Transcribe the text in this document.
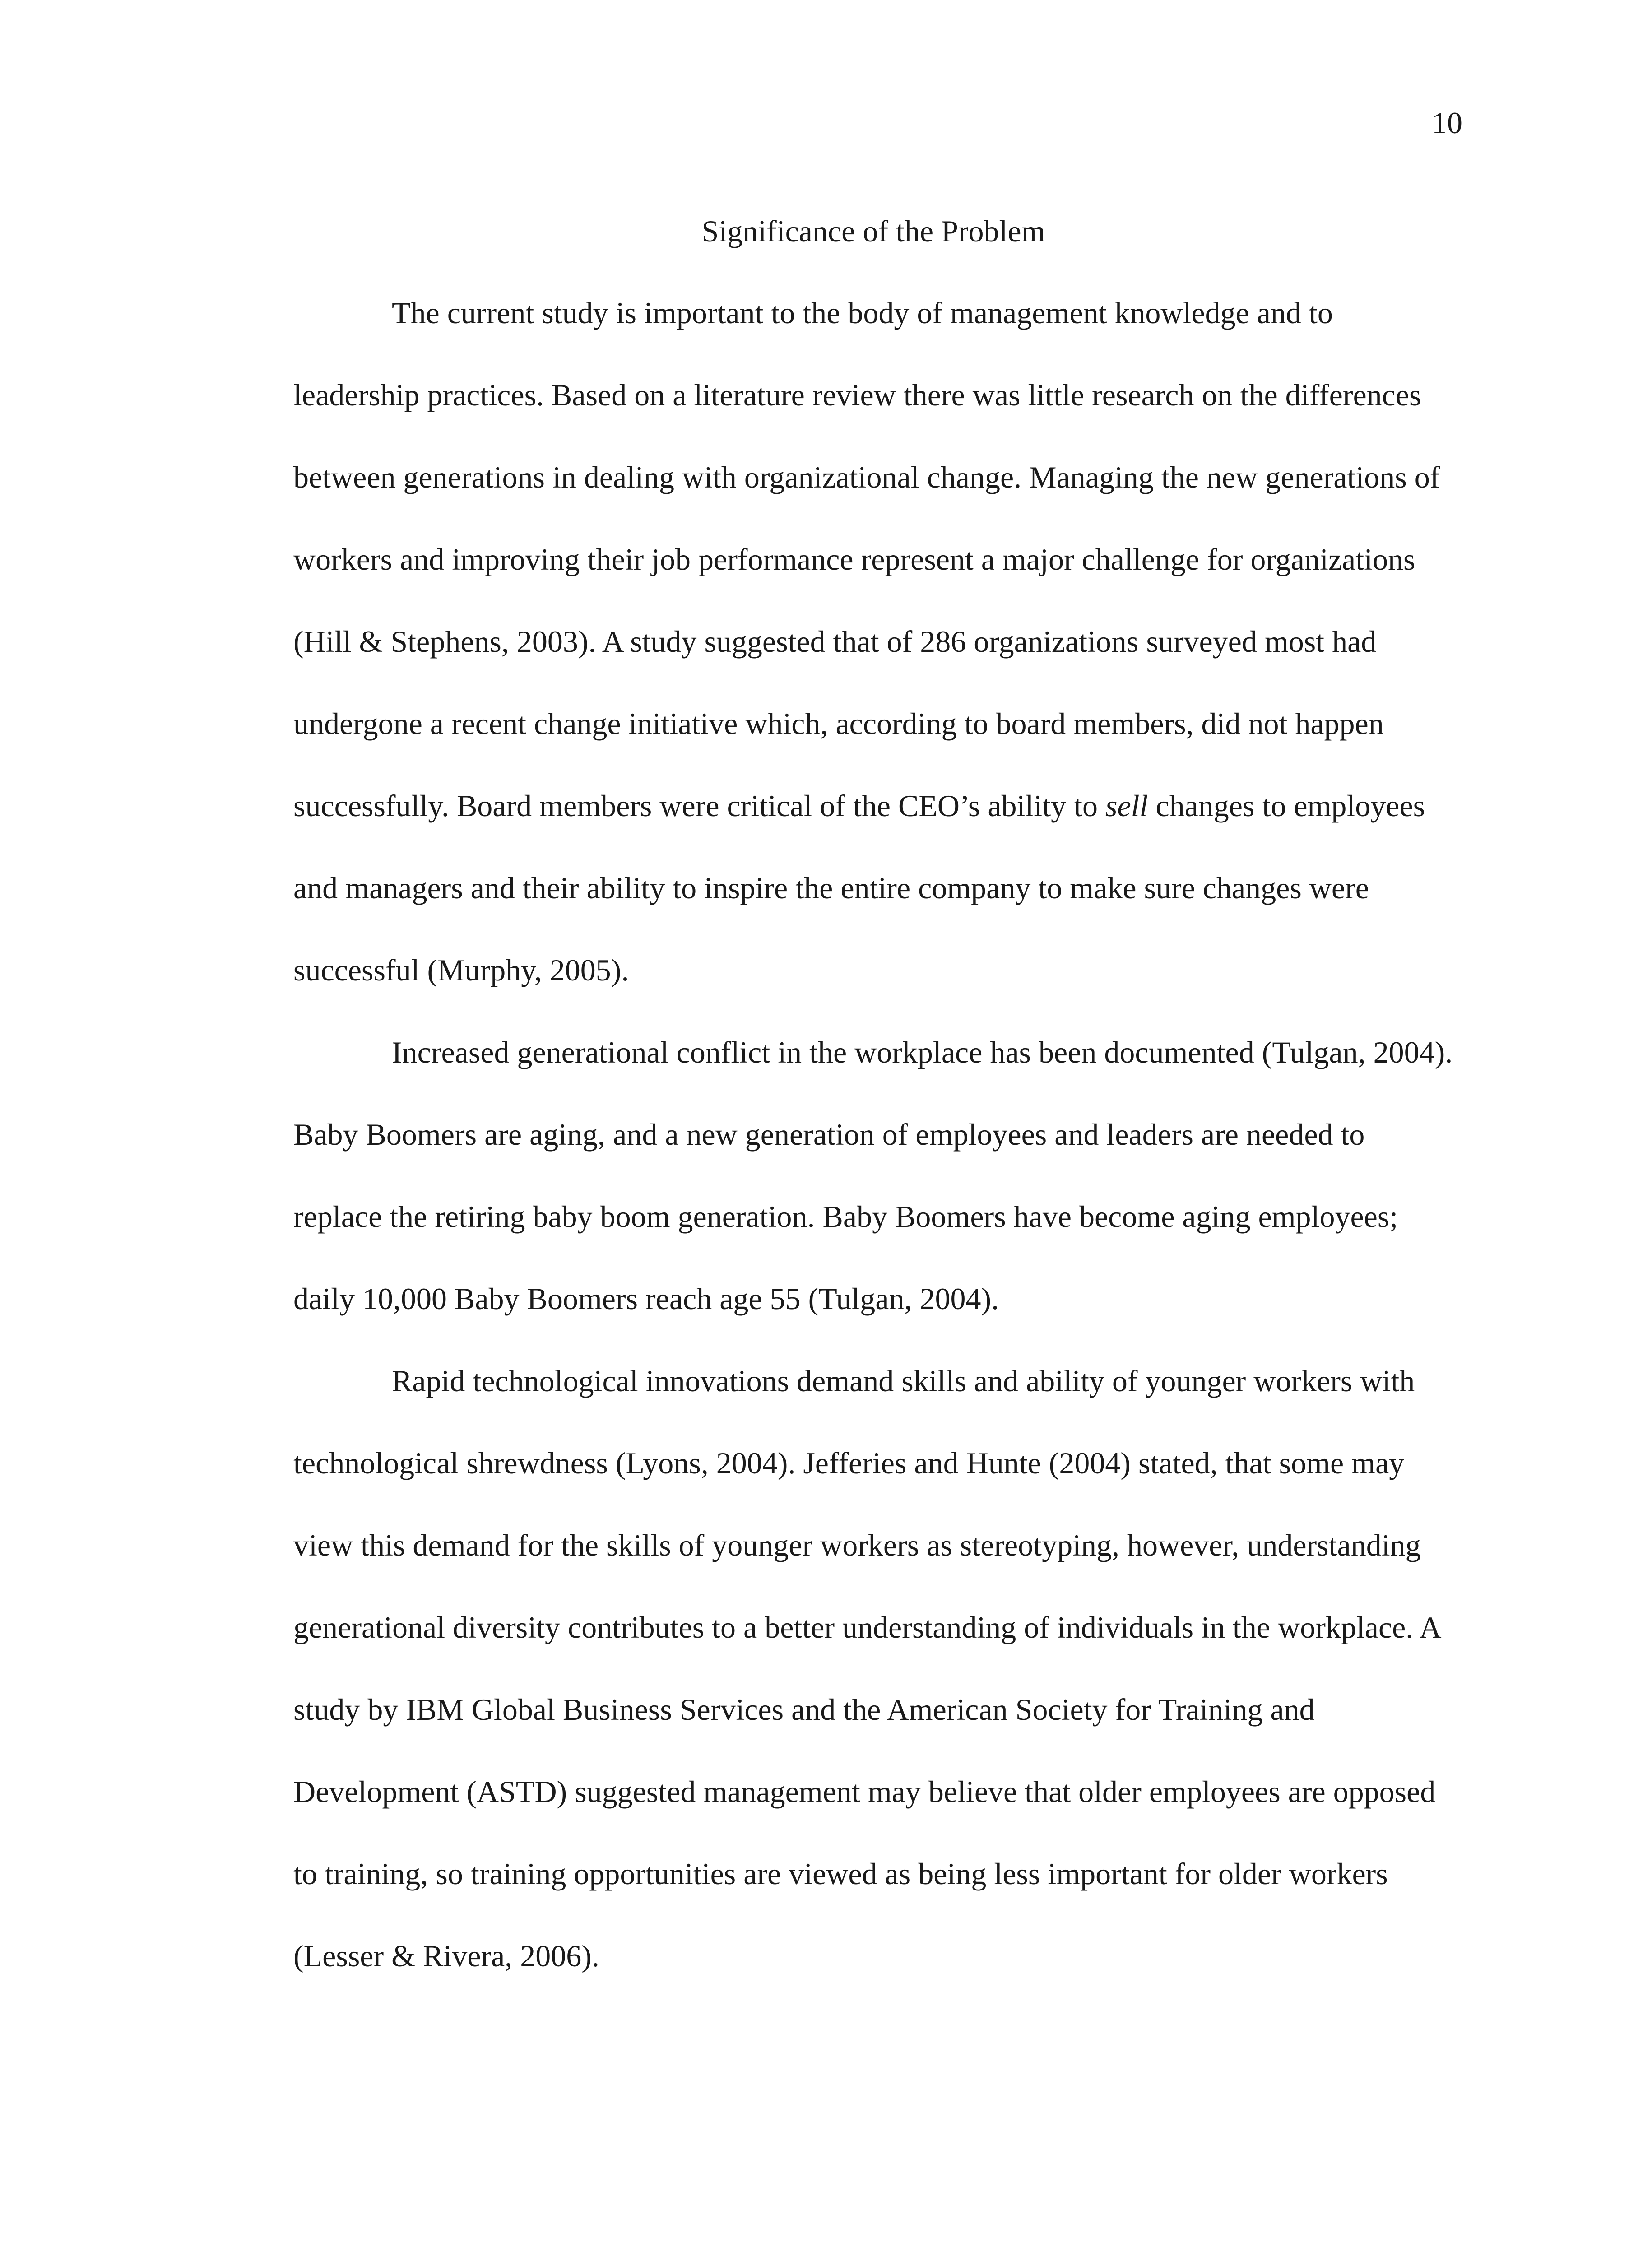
10
Significance of the Problem

The current study is important to the body of management knowledge and to leadership practices. Based on a literature review there was little research on the differences between generations in dealing with organizational change. Managing the new generations of workers and improving their job performance represent a major challenge for organizations (Hill & Stephens, 2003). A study suggested that of 286 organizations surveyed most had undergone a recent change initiative which, according to board members, did not happen successfully. Board members were critical of the CEO’s ability to sell changes to employees and managers and their ability to inspire the entire company to make sure changes were successful (Murphy, 2005).

Increased generational conflict in the workplace has been documented (Tulgan, 2004). Baby Boomers are aging, and a new generation of employees and leaders are needed to replace the retiring baby boom generation. Baby Boomers have become aging employees; daily 10,000 Baby Boomers reach age 55 (Tulgan, 2004).

Rapid technological innovations demand skills and ability of younger workers with technological shrewdness (Lyons, 2004). Jefferies and Hunte (2004) stated, that some may view this demand for the skills of younger workers as stereotyping, however, understanding generational diversity contributes to a better understanding of individuals in the workplace. A study by IBM Global Business Services and the American Society for Training and Development (ASTD) suggested management may believe that older employees are opposed to training, so training opportunities are viewed as being less important for older workers (Lesser & Rivera, 2006).
